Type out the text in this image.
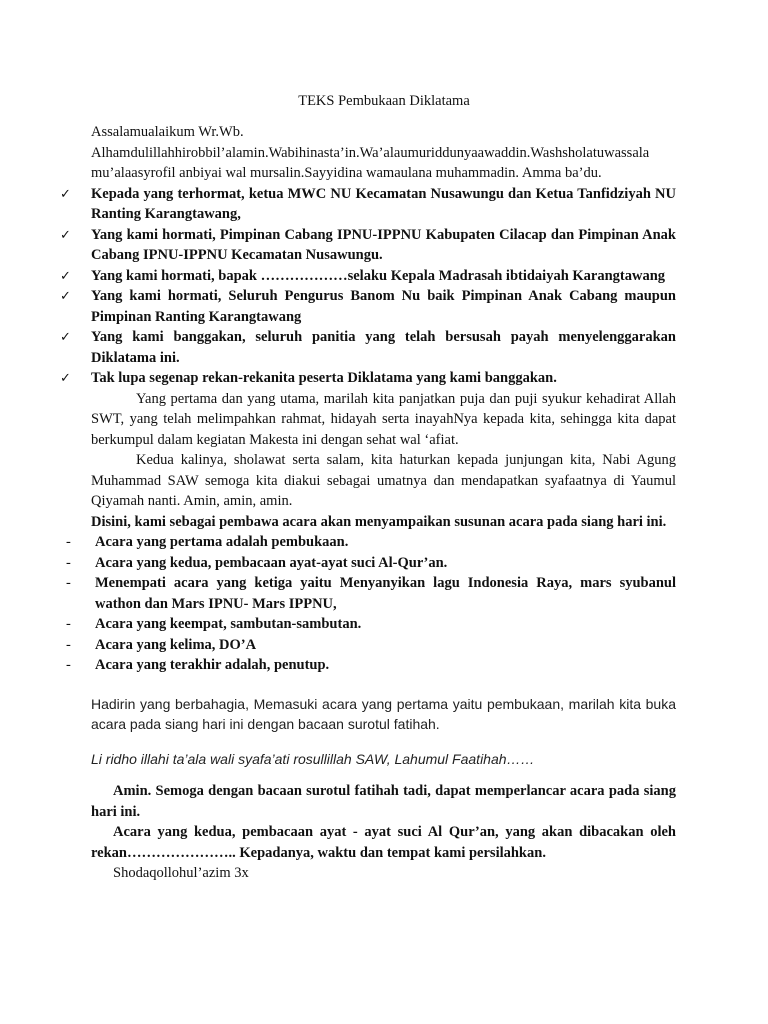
TEKS Pembukaan Diklatama

Assalamualaikum Wr.Wb.

Alhamdulillahhirobbil’alamin.Wabihinasta’in.Wa’alaumuriddunyaawaddin.Washsholatuwassala mu’alaasyrofil anbiyai wal mursalin.Sayyidina wamaulana muhammadin. Amma ba’du.

✓ Kepada yang terhormat, ketua MWC NU Kecamatan Nusawungu dan Ketua Tanfidziyah NU Ranting Karangtawang,
✓ Yang kami hormati, Pimpinan Cabang IPNU-IPPNU Kabupaten Cilacap dan Pimpinan Anak Cabang IPNU-IPPNU Kecamatan Nusawungu.
✓ Yang kami hormati, bapak ………………selaku Kepala Madrasah ibtidaiyah Karangtawang
✓ Yang kami hormati, Seluruh Pengurus Banom Nu baik Pimpinan Anak Cabang maupun Pimpinan Ranting Karangtawang
✓ Yang kami banggakan, seluruh panitia yang telah bersusah payah menyelenggarakan Diklatama ini.
✓ Tak lupa segenap rekan-rekanita peserta Diklatama yang kami banggakan.

Yang pertama dan yang utama, marilah kita panjatkan puja dan puji syukur kehadirat Allah SWT, yang telah melimpahkan rahmat, hidayah serta inayahNya kepada kita, sehingga kita dapat berkumpul dalam kegiatan Makesta ini dengan sehat wal ‘afiat.

Kedua kalinya, sholawat serta salam, kita haturkan kepada junjungan kita, Nabi Agung Muhammad SAW semoga kita diakui sebagai umatnya dan mendapatkan syafaatnya di Yaumul Qiyamah nanti. Amin, amin, amin.

Disini, kami sebagai pembawa acara akan menyampaikan susunan acara pada siang hari ini.

- Acara yang pertama adalah pembukaan.
- Acara yang kedua, pembacaan ayat-ayat suci Al-Qur’an.
- Menempati acara yang ketiga yaitu Menyanyikan lagu Indonesia Raya, mars syubanul wathon dan Mars IPNU- Mars IPPNU,
- Acara yang keempat, sambutan-sambutan.
- Acara yang kelima, DO’A
- Acara yang terakhir adalah, penutup.

Hadirin yang berbahagia, Memasuki acara yang pertama yaitu pembukaan, marilah kita buka acara pada siang hari ini dengan bacaan surotul fatihah.

Li ridho illahi ta’ala wali syafa’ati rosullillah SAW, Lahumul Faatihah……

Amin. Semoga dengan bacaan surotul fatihah tadi, dapat memperlancar acara pada siang hari ini.

Acara yang kedua, pembacaan ayat - ayat suci Al Qur’an, yang akan dibacakan oleh rekan………………….. Kepadanya, waktu dan tempat kami persilahkan.

Shodaqollohul’azim 3x
